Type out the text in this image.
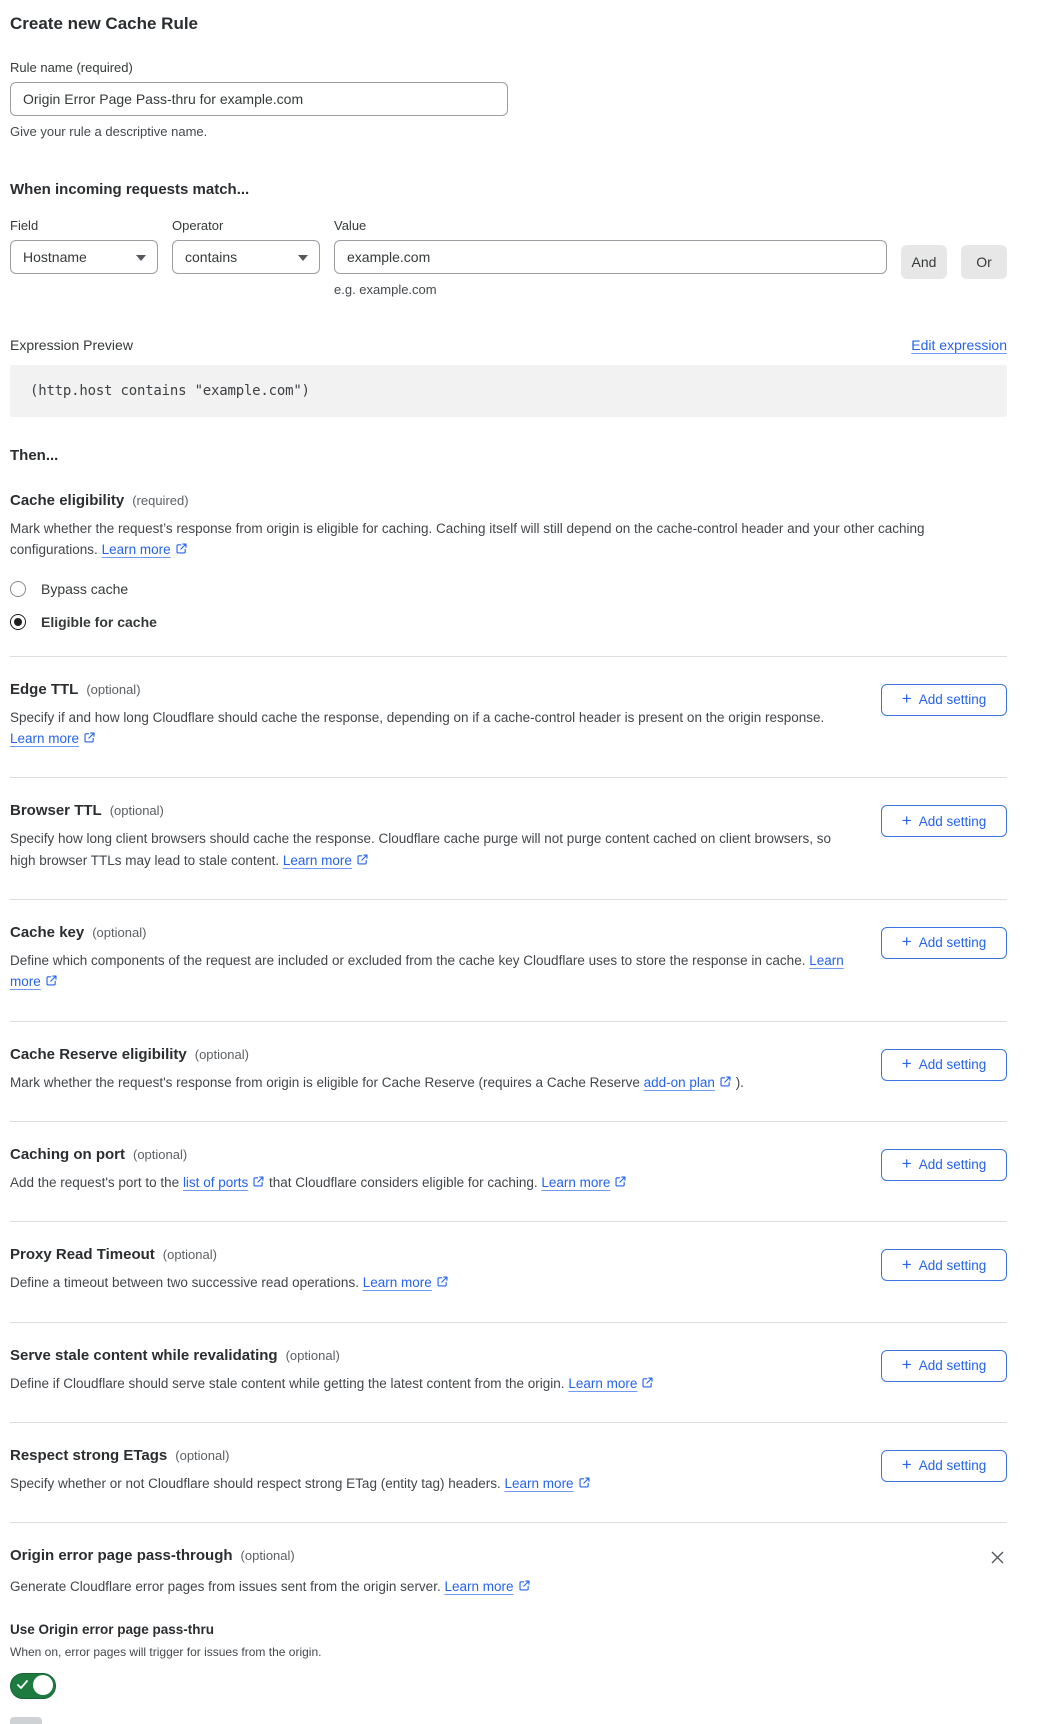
Create new Cache Rule
Rule name (required)
Origin Error Page Pass-thru for example.com
Give your rule a descriptive name.
When incoming requests match...
Field
Hostname
Operator
contains
Value
example.com
e.g. example.com
And	Or
Expression Preview	Edit expression
(http.host contains "example.com")
Then...
Cache eligibility (required)

Mark whether the request’s response from origin is eligible for caching. Caching itself will still depend on the cache-control header and your other caching configurations. Learn more

Bypass cache
Eligible for cache
Edge TTL (optional)

Specify if and how long Cloudflare should cache the response, depending on if a cache-control header is present on the origin response. Learn more

+ Add setting
Browser TTL (optional)

Specify how long client browsers should cache the response. Cloudflare cache purge will not purge content cached on client browsers, so high browser TTLs may lead to stale content. Learn more

+ Add setting
Cache key (optional)

Define which components of the request are included or excluded from the cache key Cloudflare uses to store the response in cache. Learn more

+ Add setting
Cache Reserve eligibility (optional)

Mark whether the request's response from origin is eligible for Cache Reserve (requires a Cache Reserve add-on plan ).

+ Add setting
Caching on port (optional)

Add the request's port to the list of ports that Cloudflare considers eligible for caching. Learn more

+ Add setting
Proxy Read Timeout (optional)

Define a timeout between two successive read operations. Learn more

+ Add setting
Serve stale content while revalidating (optional)

Define if Cloudflare should serve stale content while getting the latest content from the origin. Learn more

+ Add setting
Respect strong ETags (optional)

Specify whether or not Cloudflare should respect strong ETag (entity tag) headers. Learn more

+ Add setting
Origin error page pass-through (optional)

Generate Cloudflare error pages from issues sent from the origin server. Learn more

Use Origin error page pass-thru
When on, error pages will trigger for issues from the origin.
